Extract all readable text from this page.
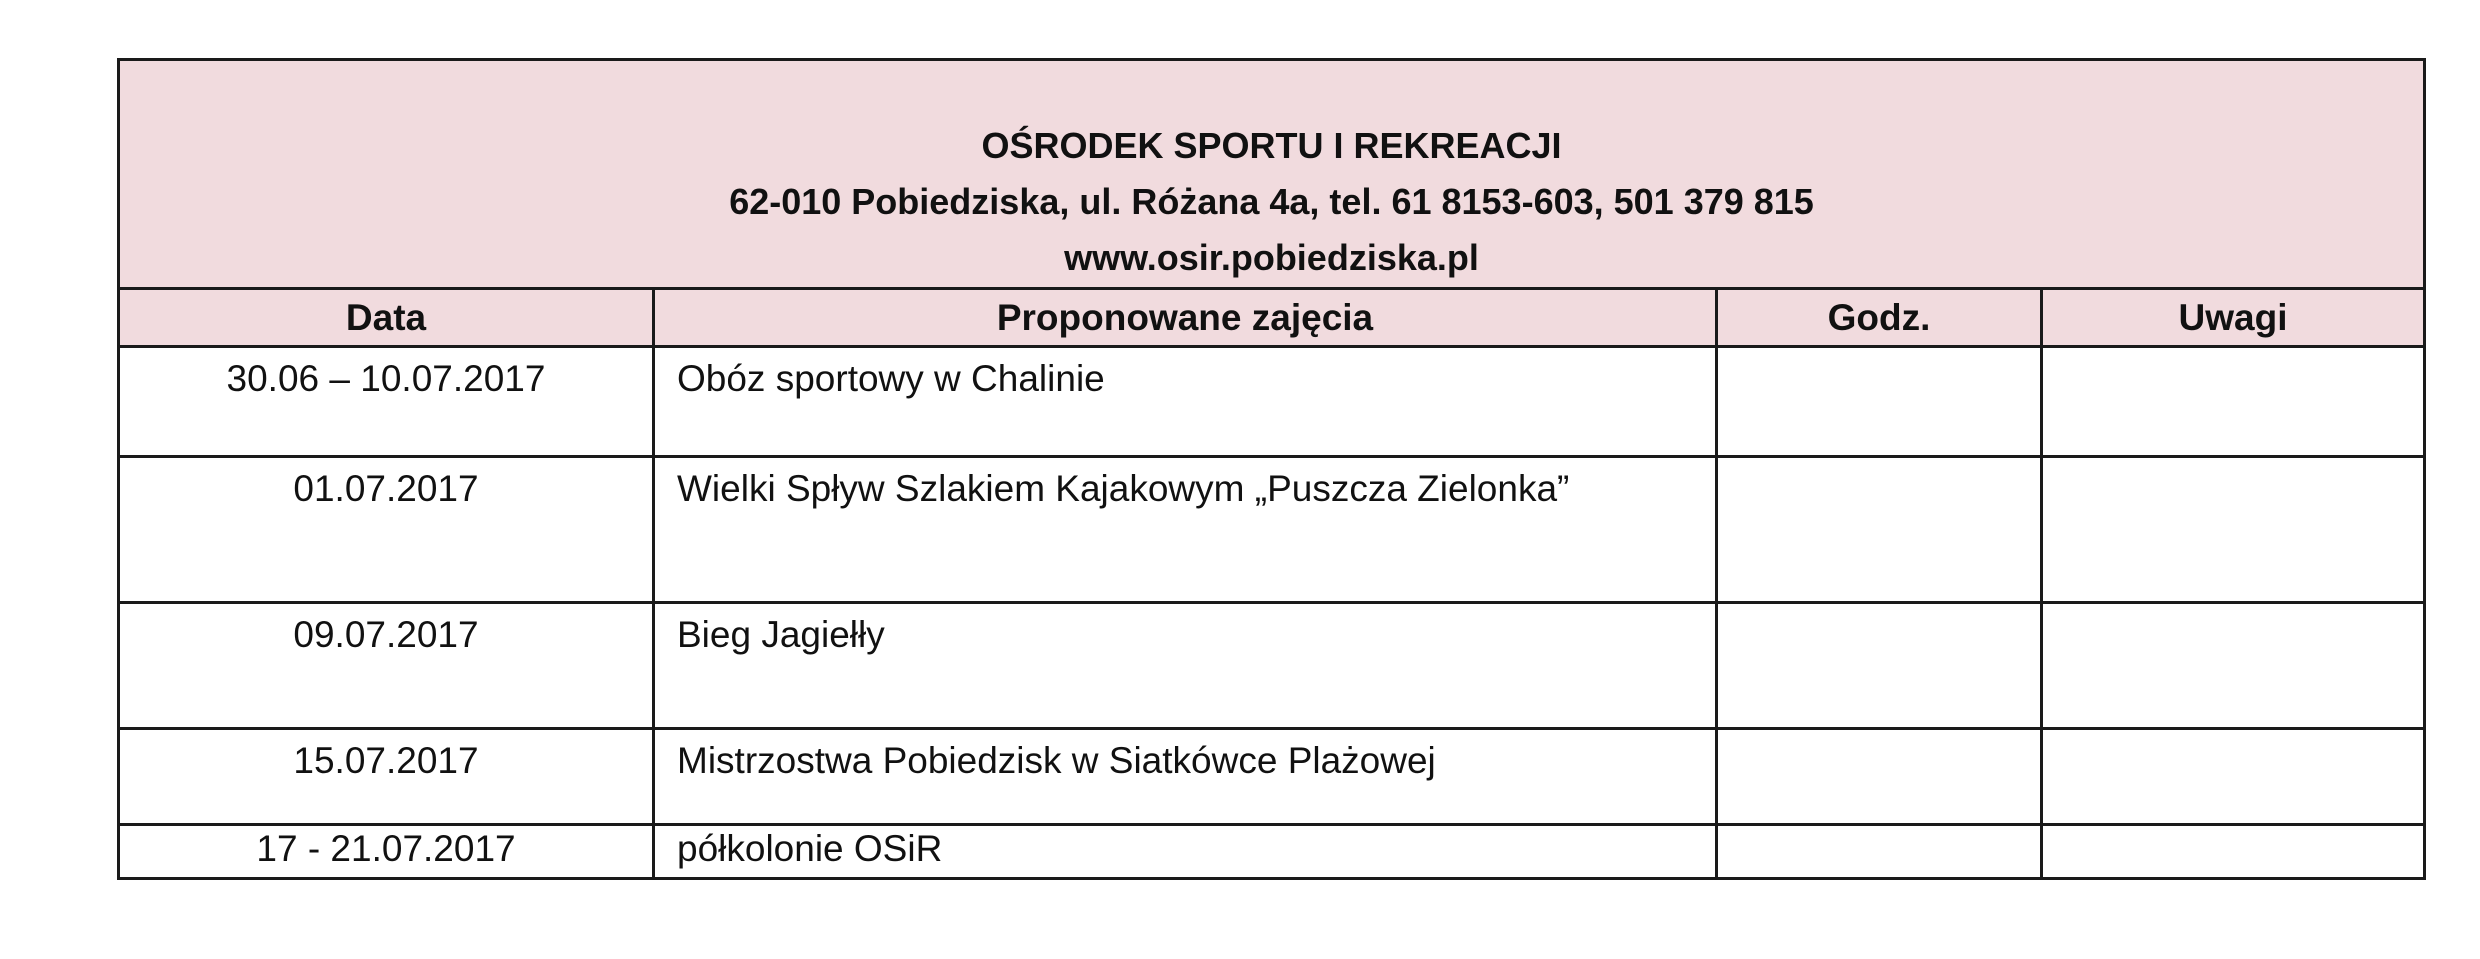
OŚRODEK SPORTU I REKREACJI
62-010 Pobiedziska, ul. Różana 4a, tel. 61 8153-603, 501 379 815
www.osir.pobiedziska.pl			

Data	Proponowane zajęcia	Godz.	Uwagi

30.06 – 10.07.2017	Obóz sportowy w Chalinie		

01.07.2017	Wielki Spływ Szlakiem Kajakowym „Puszcza Zielonka”		

09.07.2017	Bieg Jagiełły		

15.07.2017	Mistrzostwa Pobiedzisk w Siatkówce Plażowej		

17 - 21.07.2017	półkolonie OSiR		
